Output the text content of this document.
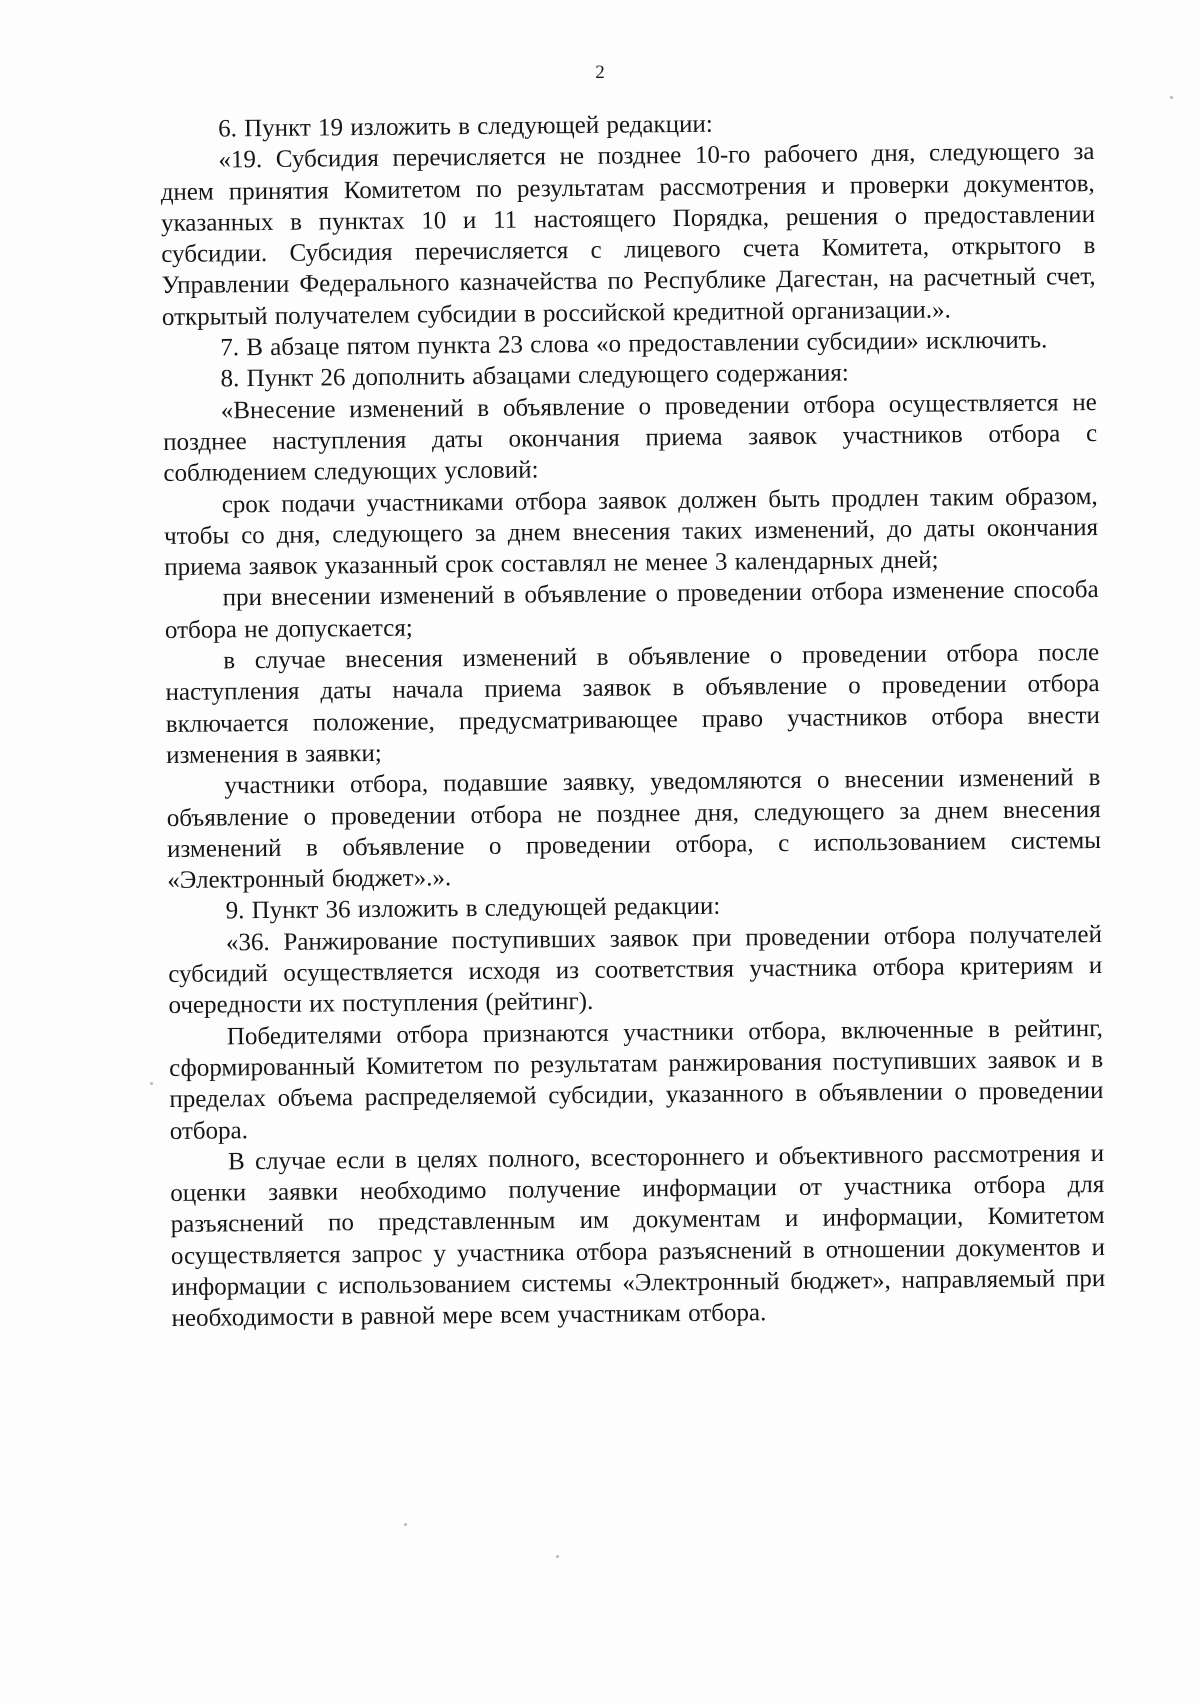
2

6. Пункт 19 изложить в следующей редакции:

«19. Субсидия перечисляется не позднее 10-го рабочего дня, следующего за днем принятия Комитетом по результатам рассмотрения и проверки документов, указанных в пунктах 10 и 11 настоящего Порядка, решения о предоставлении субсидии. Субсидия перечисляется с лицевого счета Комитета, открытого в Управлении Федерального казначейства по Республике Дагестан, на расчетный счет, открытый получателем субсидии в российской кредитной организации.».

7. В абзаце пятом пункта 23 слова «о предоставлении субсидии» исключить.

8. Пункт 26 дополнить абзацами следующего содержания:

«Внесение изменений в объявление о проведении отбора осуществляется не позднее наступления даты окончания приема заявок участников отбора с соблюдением следующих условий:

срок подачи участниками отбора заявок должен быть продлен таким образом, чтобы со дня, следующего за днем внесения таких изменений, до даты окончания приема заявок указанный срок составлял не менее 3 календарных дней;

при внесении изменений в объявление о проведении отбора изменение способа отбора не допускается;

в случае внесения изменений в объявление о проведении отбора после наступления даты начала приема заявок в объявление о проведении отбора включается положение, предусматривающее право участников отбора внести изменения в заявки;

участники отбора, подавшие заявку, уведомляются о внесении изменений в объявление о проведении отбора не позднее дня, следующего за днем внесения изменений в объявление о проведении отбора, с использованием системы «Электронный бюджет».».

9. Пункт 36 изложить в следующей редакции:

«36. Ранжирование поступивших заявок при проведении отбора получателей субсидий осуществляется исходя из соответствия участника отбора критериям и очередности их поступления (рейтинг).

Победителями отбора признаются участники отбора, включенные в рейтинг, сформированный Комитетом по результатам ранжирования поступивших заявок и в пределах объема распределяемой субсидии, указанного в объявлении о проведении отбора.

В случае если в целях полного, всестороннего и объективного рассмотрения и оценки заявки необходимо получение информации от участника отбора для разъяснений по представленным им документам и информации, Комитетом осуществляется запрос у участника отбора разъяснений в отношении документов и информации с использованием системы «Электронный бюджет», направляемый при необходимости в равной мере всем участникам отбора.
